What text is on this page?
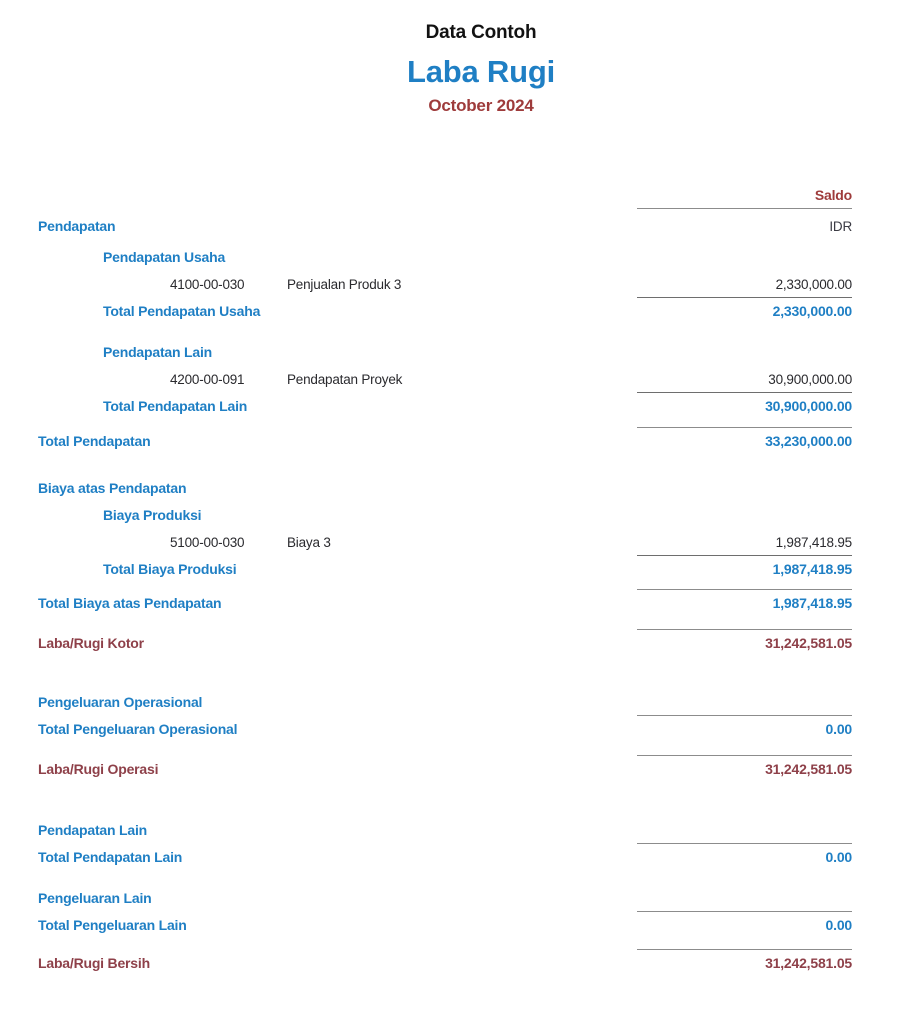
Data Contoh
Laba Rugi
October 2024
Saldo
Pendapatan	IDR
Pendapatan Usaha
4100-00-030	Penjualan Produk 3	2,330,000.00
Total Pendapatan Usaha	2,330,000.00
Pendapatan Lain
4200-00-091	Pendapatan Proyek	30,900,000.00
Total Pendapatan Lain	30,900,000.00
Total Pendapatan	33,230,000.00
Biaya atas Pendapatan
Biaya Produksi
5100-00-030	Biaya 3	1,987,418.95
Total Biaya Produksi	1,987,418.95
Total Biaya atas Pendapatan	1,987,418.95
Laba/Rugi Kotor	31,242,581.05
Pengeluaran Operasional
Total Pengeluaran Operasional	0.00
Laba/Rugi Operasi	31,242,581.05
Pendapatan Lain
Total Pendapatan Lain	0.00
Pengeluaran Lain
Total Pengeluaran Lain	0.00
Laba/Rugi Bersih	31,242,581.05
